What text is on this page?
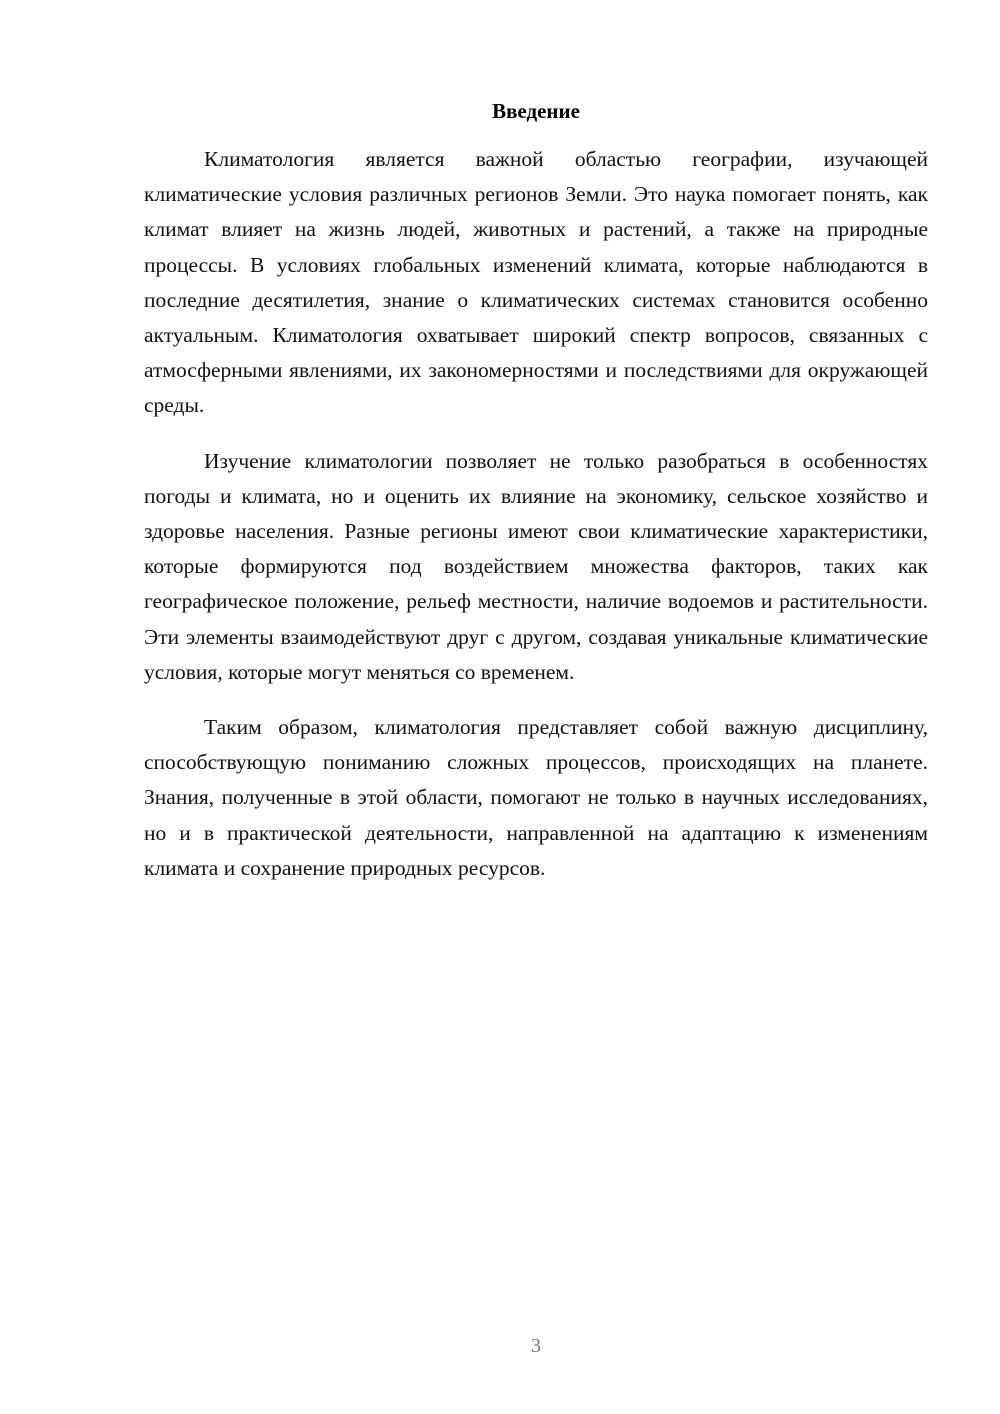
Введение

Климатология является важной областью географии, изучающей климатические условия различных регионов Земли. Это наука помогает понять, как климат влияет на жизнь людей, животных и растений, а также на природные процессы. В условиях глобальных изменений климата, которые наблюдаются в последние десятилетия, знание о климатических системах становится особенно актуальным. Климатология охватывает широкий спектр вопросов, связанных с атмосферными явлениями, их закономерностями и последствиями для окружающей среды.

Изучение климатологии позволяет не только разобраться в особенностях погоды и климата, но и оценить их влияние на экономику, сельское хозяйство и здоровье населения. Разные регионы имеют свои климатические характеристики, которые формируются под воздействием множества факторов, таких как географическое положение, рельеф местности, наличие водоемов и растительности. Эти элементы взаимодействуют друг с другом, создавая уникальные климатические условия, которые могут меняться со временем.

Таким образом, климатология представляет собой важную дисциплину, способствующую пониманию сложных процессов, происходящих на планете. Знания, полученные в этой области, помогают не только в научных исследованиях, но и в практической деятельности, направленной на адаптацию к изменениям климата и сохранение природных ресурсов.

3
